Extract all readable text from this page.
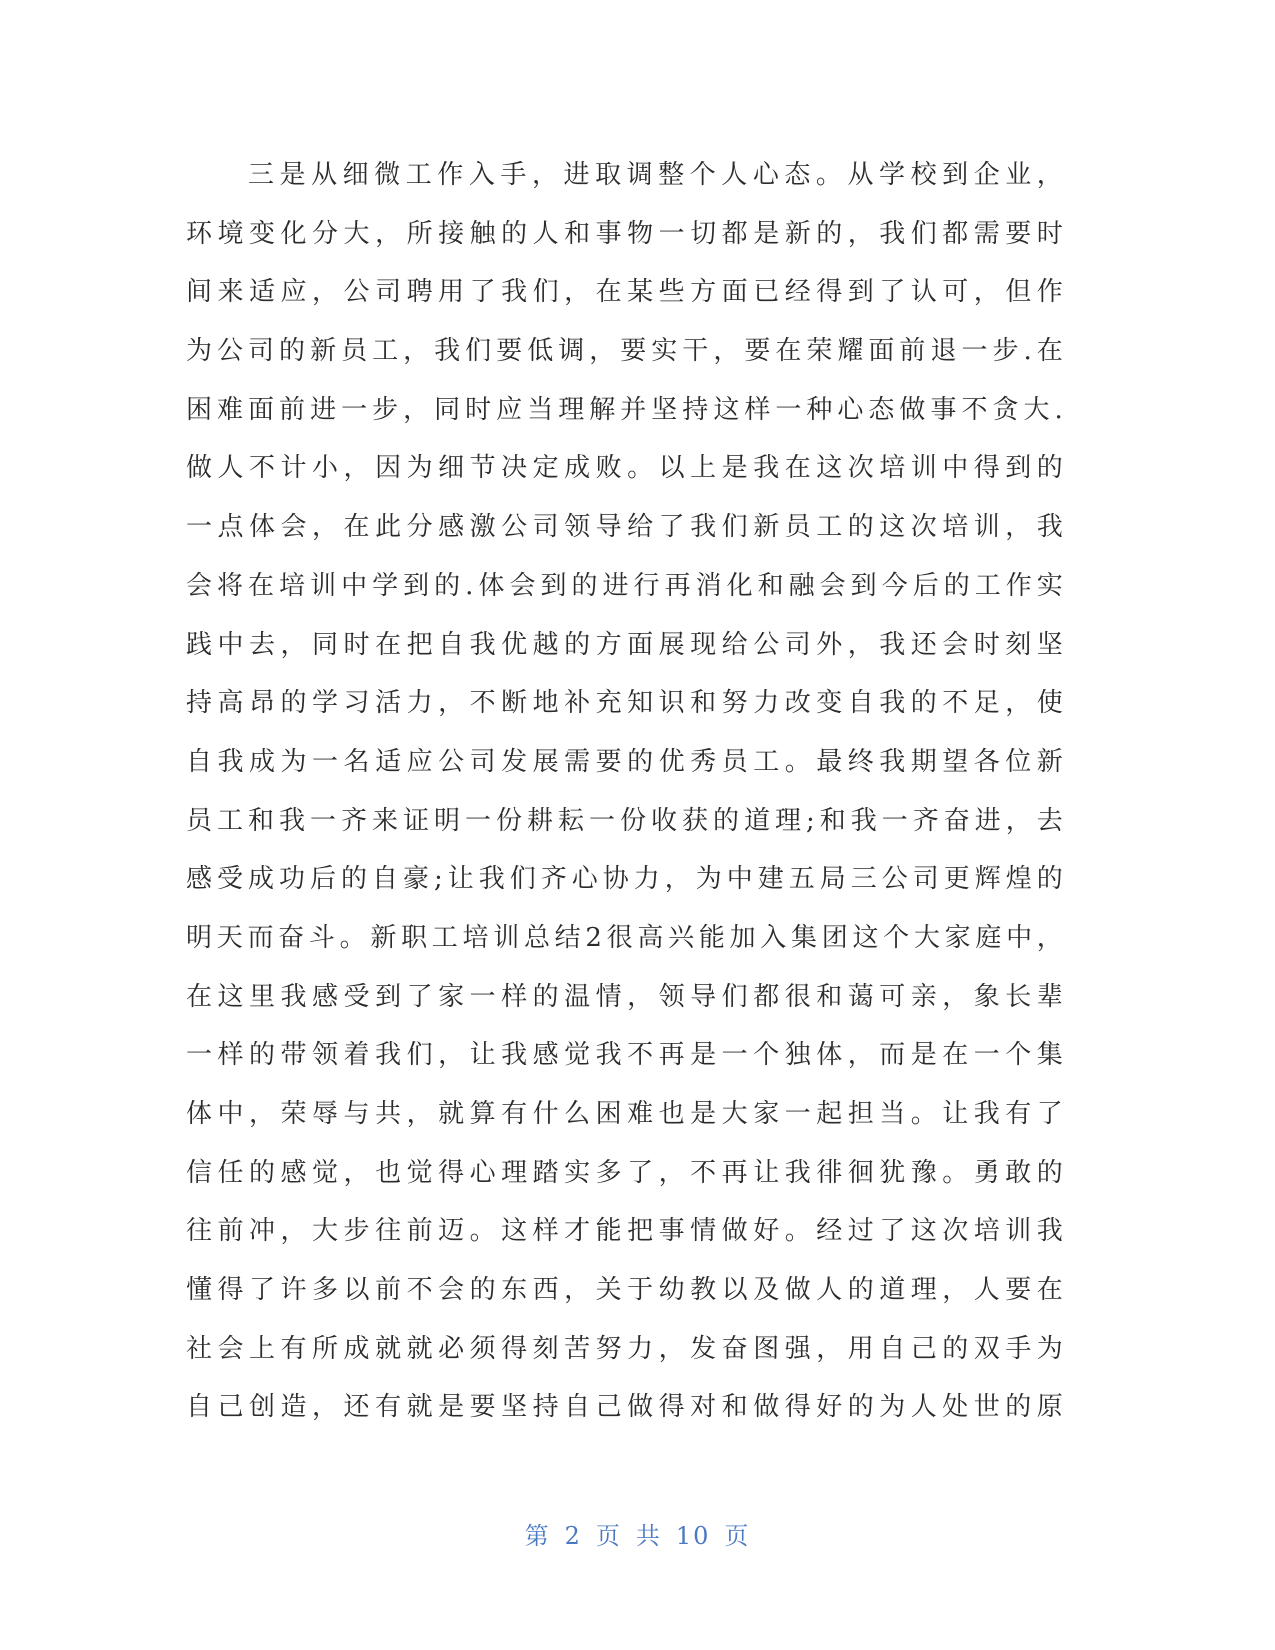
三是从细微工作入手，进取调整个人心态。从学校到企业，
环境变化分大，所接触的人和事物一切都是新的，我们都需要时
间来适应，公司聘用了我们，在某些方面已经得到了认可，但作
为公司的新员工，我们要低调，要实干，要在荣耀面前退一步.在
困难面前进一步，同时应当理解并坚持这样一种心态做事不贪大.
做人不计小，因为细节决定成败。以上是我在这次培训中得到的
一点体会，在此分感激公司领导给了我们新员工的这次培训，我
会将在培训中学到的.体会到的进行再消化和融会到今后的工作实
践中去，同时在把自我优越的方面展现给公司外，我还会时刻坚
持高昂的学习活力，不断地补充知识和努力改变自我的不足，使
自我成为一名适应公司发展需要的优秀员工。最终我期望各位新
员工和我一齐来证明一份耕耘一份收获的道理;和我一齐奋进，去
感受成功后的自豪;让我们齐心协力，为中建五局三公司更辉煌的
明天而奋斗。新职工培训总结2很高兴能加入集团这个大家庭中，
在这里我感受到了家一样的温情，领导们都很和蔼可亲，象长辈
一样的带领着我们，让我感觉我不再是一个独体，而是在一个集
体中，荣辱与共，就算有什么困难也是大家一起担当。让我有了
信任的感觉，也觉得心理踏实多了，不再让我徘徊犹豫。勇敢的
往前冲，大步往前迈。这样才能把事情做好。经过了这次培训我
懂得了许多以前不会的东西，关于幼教以及做人的道理，人要在
社会上有所成就就必须得刻苦努力，发奋图强，用自己的双手为
自己创造，还有就是要坚持自己做得对和做得好的为人处世的原
第 2 页 共 10 页
